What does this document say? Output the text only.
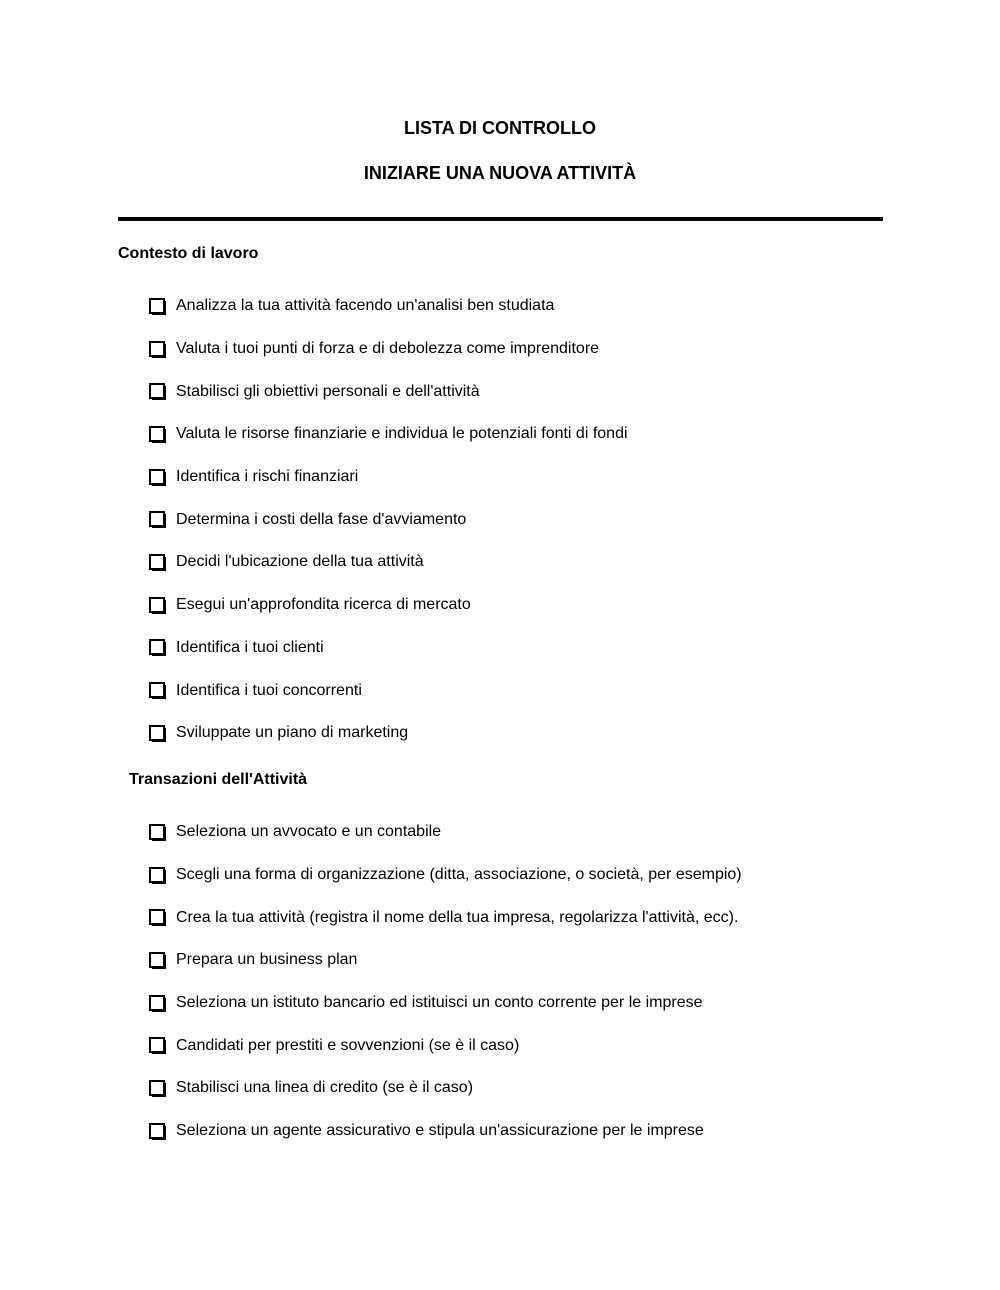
LISTA DI CONTROLLO
INIZIARE UNA NUOVA ATTIVITÀ
Contesto di lavoro
Analizza la tua attività facendo un'analisi ben studiata
Valuta i tuoi punti di forza e di debolezza come imprenditore
Stabilisci gli obiettivi personali e dell'attività
Valuta le risorse finanziarie e individua le potenziali fonti di fondi
Identifica i rischi finanziari
Determina i costi della fase d'avviamento
Decidi l'ubicazione della tua attività
Esegui un'approfondita ricerca di mercato
Identifica i tuoi clienti
Identifica i tuoi concorrenti
Sviluppate un piano di marketing
Transazioni dell'Attività
Seleziona un avvocato e un contabile
Scegli una forma di organizzazione (ditta, associazione, o società, per esempio)
Crea la tua attività (registra il nome della tua impresa, regolarizza l'attività, ecc).
Prepara un business plan
Seleziona un istituto bancario ed istituisci un conto corrente per le imprese
Candidati per prestiti e sovvenzioni (se è il caso)
Stabilisci una linea di credito (se è il caso)
Seleziona un agente assicurativo e stipula un'assicurazione per le imprese
